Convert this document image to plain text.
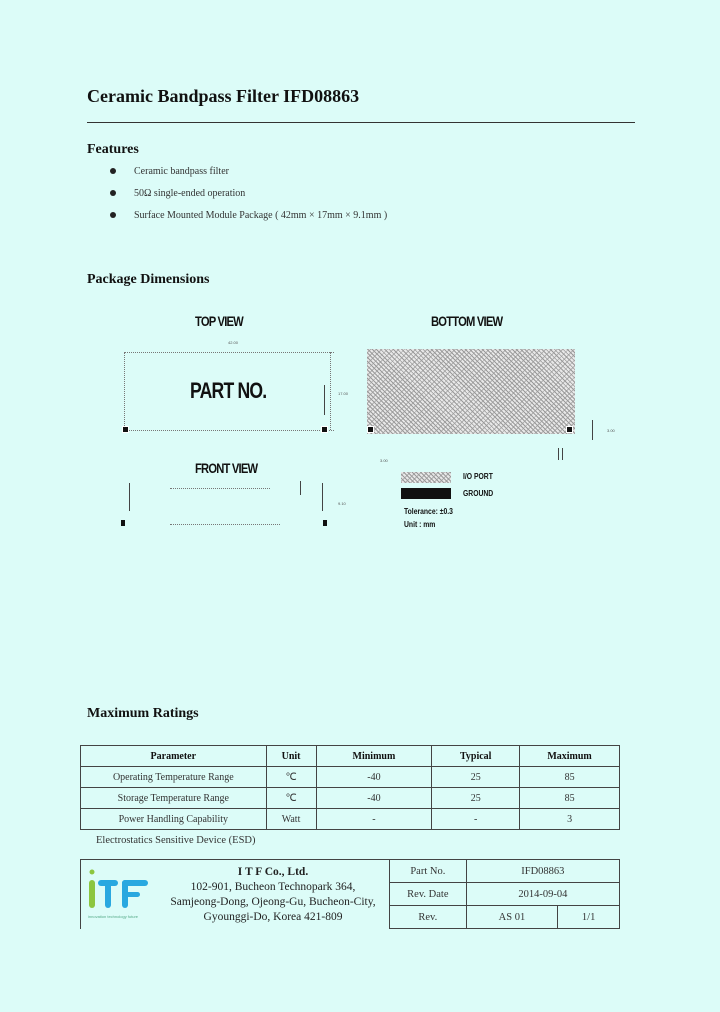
Ceramic Bandpass Filter IFD08863
Features
Ceramic bandpass filter
50Ω single-ended operation
Surface Mounted Module Package ( 42mm × 17mm × 9.1mm )
Package Dimensions
TOP VIEW	BOTTOM VIEW
42.00
PART NO.	17.00
3.00
3.00
FRONT VIEW
9.10
I/O PORT
GROUND
Tolerance: ±0.3
Unit : mm
Maximum Ratings
Parameter	Unit	Minimum	Typical	Maximum
Operating Temperature Range	℃	-40	25	85
Storage Temperature Range	℃	-40	25	85
Power Handling Capability	Watt	-	-	3
Electrostatics Sensitive Device (ESD)
innovation technology future
I T F Co., Ltd.
102-901, Bucheon Technopark 364,
Samjeong-Dong, Ojeong-Gu, Bucheon-City,
Gyounggi-Do, Korea 421-809
Part No.	IFD08863	
Rev. Date	2014-09-04	
Rev.	AS 01	1/1
